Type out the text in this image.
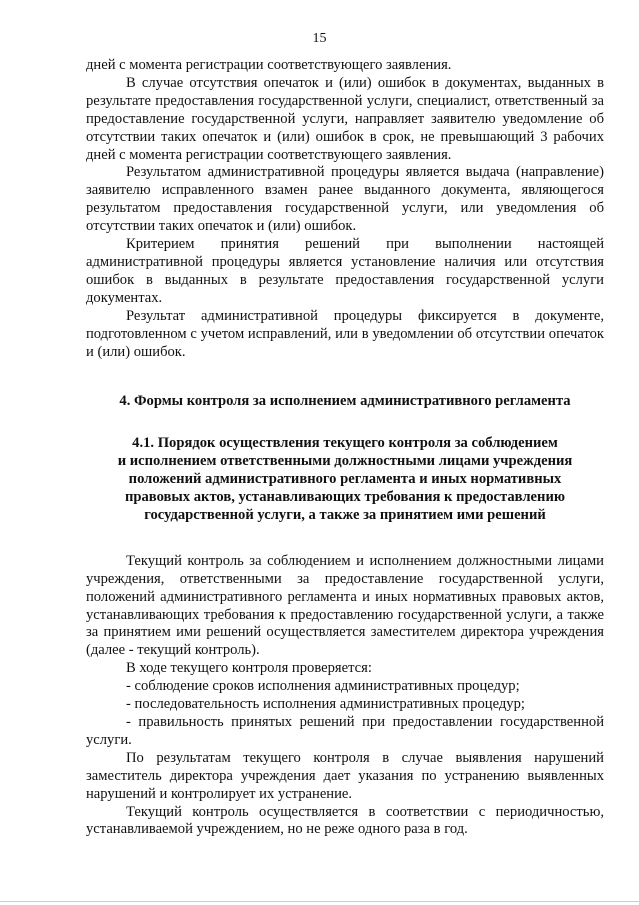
15

дней с момента регистрации соответствующего заявления.

В случае отсутствия опечаток и (или) ошибок в документах, выданных в результате предоставления государственной услуги, специалист, ответственный за предоставление государственной услуги, направляет заявителю уведомление об отсутствии таких опечаток и (или) ошибок в срок, не превышающий 3 рабочих дней с момента регистрации соответствующего заявления.

Результатом административной процедуры является выдача (направление) заявителю исправленного взамен ранее выданного документа, являющегося результатом предоставления государственной услуги, или уведомления об отсутствии таких опечаток и (или) ошибок.

Критерием принятия решений при выполнении настоящей административной процедуры является установление наличия или отсутствия ошибок в выданных в результате предоставления государственной услуги документах.

Результат административной процедуры фиксируется в документе, подготовленном с учетом исправлений, или в уведомлении об отсутствии опечаток и (или) ошибок.

4. Формы контроля за исполнением административного регламента

4.1. Порядок осуществления текущего контроля за соблюдением
и исполнением ответственными должностными лицами учреждения
положений административного регламента и иных нормативных
правовых актов, устанавливающих требования к предоставлению
государственной услуги, а также за принятием ими решений

Текущий контроль за соблюдением и исполнением должностными лицами учреждения, ответственными за предоставление государственной услуги, положений административного регламента и иных нормативных правовых актов, устанавливающих требования к предоставлению государственной услуги, а также за принятием ими решений осуществляется заместителем директора учреждения (далее - текущий контроль).

В ходе текущего контроля проверяется:

- соблюдение сроков исполнения административных процедур;

- последовательность исполнения административных процедур;

- правильность принятых решений при предоставлении государственной услуги.

По результатам текущего контроля в случае выявления нарушений заместитель директора учреждения дает указания по устранению выявленных нарушений и контролирует их устранение.

Текущий контроль осуществляется в соответствии с периодичностью, устанавливаемой учреждением, но не реже одного раза в год.
